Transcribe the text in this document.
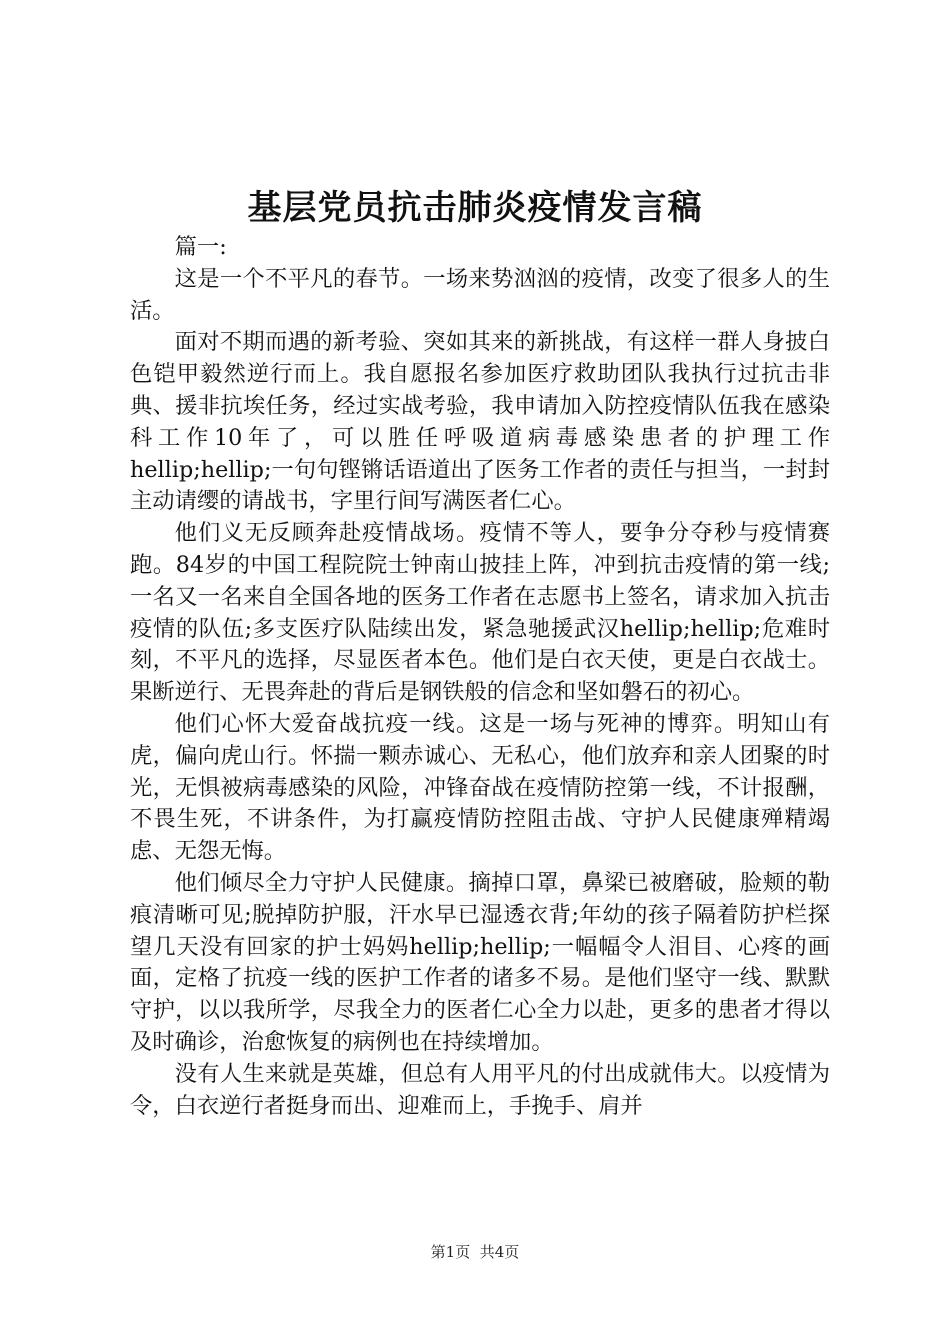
基层党员抗击肺炎疫情发言稿

篇一:

这是一个不平凡的春节。一场来势汹汹的疫情，改变了很多人的生活。

面对不期而遇的新考验、突如其来的新挑战，有这样一群人身披白色铠甲毅然逆行而上。我自愿报名参加医疗救助团队我执行过抗击非典、援非抗埃任务，经过实战考验，我申请加入防控疫情队伍我在感染科工作10年了，可以胜任呼吸道病毒感染患者的护理工作hellip;hellip;一句句铿锵话语道出了医务工作者的责任与担当，一封封主动请缨的请战书，字里行间写满医者仁心。

他们义无反顾奔赴疫情战场。疫情不等人，要争分夺秒与疫情赛跑。84岁的中国工程院院士钟南山披挂上阵，冲到抗击疫情的第一线;一名又一名来自全国各地的医务工作者在志愿书上签名，请求加入抗击疫情的队伍;多支医疗队陆续出发，紧急驰援武汉hellip;hellip;危难时刻，不平凡的选择，尽显医者本色。他们是白衣天使，更是白衣战士。果断逆行、无畏奔赴的背后是钢铁般的信念和坚如磐石的初心。

他们心怀大爱奋战抗疫一线。这是一场与死神的博弈。明知山有虎，偏向虎山行。怀揣一颗赤诚心、无私心，他们放弃和亲人团聚的时光，无惧被病毒感染的风险，冲锋奋战在疫情防控第一线，不计报酬，不畏生死，不讲条件，为打赢疫情防控阻击战、守护人民健康殚精竭虑、无怨无悔。

他们倾尽全力守护人民健康。摘掉口罩，鼻梁已被磨破，脸颊的勒痕清晰可见;脱掉防护服，汗水早已湿透衣背;年幼的孩子隔着防护栏探望几天没有回家的护士妈妈hellip;hellip;一幅幅令人泪目、心疼的画面，定格了抗疫一线的医护工作者的诸多不易。是他们坚守一线、默默守护，以以我所学，尽我全力的医者仁心全力以赴，更多的患者才得以及时确诊，治愈恢复的病例也在持续增加。

没有人生来就是英雄，但总有人用平凡的付出成就伟大。以疫情为令，白衣逆行者挺身而出、迎难而上，手挽手、肩并

第1页 共4页
